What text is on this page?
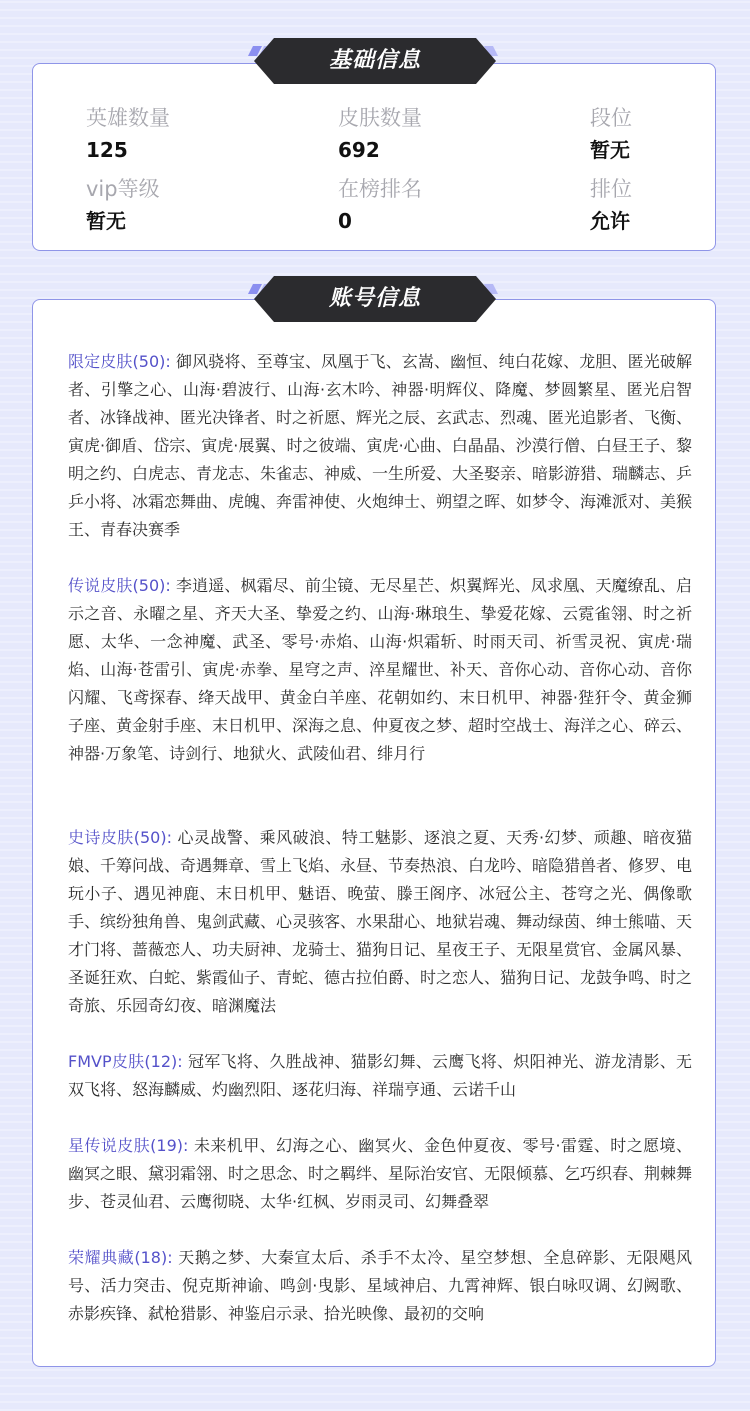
基础信息
英雄数量
125
皮肤数量
692
段位
暂无
vip等级
暂无
在榜排名
0
排位
允许
账号信息
限定皮肤(50): 御风骁将、至尊宝、凤凰于飞、玄嵩、幽恒、纯白花嫁、龙胆、匿光破解者、引擎之心、山海·碧波行、山海·玄木吟、神器·明辉仪、降魔、梦圆繁星、匿光启智者、冰锋战神、匿光决锋者、时之祈愿、辉光之辰、玄武志、烈魂、匿光追影者、飞衡、寅虎·御盾、岱宗、寅虎·展翼、时之彼端、寅虎·心曲、白晶晶、沙漠行僧、白昼王子、黎明之约、白虎志、青龙志、朱雀志、神威、一生所爱、大圣娶亲、暗影游猎、瑞麟志、乒乒小将、冰霜恋舞曲、虎魄、奔雷神使、火炮绅士、朔望之晖、如梦令、海滩派对、美猴王、青春决赛季
传说皮肤(50): 李逍遥、枫霜尽、前尘镜、无尽星芒、炽翼辉光、凤求凰、天魔缭乱、启示之音、永曜之星、齐天大圣、挚爱之约、山海·琳琅生、挚爱花嫁、云霓雀翎、时之祈愿、太华、一念神魔、武圣、零号·赤焰、山海·炽霜斩、时雨天司、祈雪灵祝、寅虎·瑞焰、山海·苍雷引、寅虎·赤拳、星穹之声、淬星耀世、补天、音你心动、音你心动、音你闪耀、飞鸢探春、绛天战甲、黄金白羊座、花朝如约、末日机甲、神器·狴犴令、黄金狮子座、黄金射手座、末日机甲、深海之息、仲夏夜之梦、超时空战士、海洋之心、碎云、神器·万象笔、诗剑行、地狱火、武陵仙君、绯月行
史诗皮肤(50): 心灵战警、乘风破浪、特工魅影、逐浪之夏、天秀·幻梦、顽趣、暗夜猫娘、千筹问战、奇遇舞章、雪上飞焰、永昼、节奏热浪、白龙吟、暗隐猎兽者、修罗、电玩小子、遇见神鹿、末日机甲、魅语、晚萤、滕王阁序、冰冠公主、苍穹之光、偶像歌手、缤纷独角兽、鬼剑武藏、心灵骇客、水果甜心、地狱岩魂、舞动绿茵、绅士熊喵、天才门将、蔷薇恋人、功夫厨神、龙骑士、猫狗日记、星夜王子、无限星赏官、金属风暴、圣诞狂欢、白蛇、紫霞仙子、青蛇、德古拉伯爵、时之恋人、猫狗日记、龙鼓争鸣、时之奇旅、乐园奇幻夜、暗渊魔法
FMVP皮肤(12): 冠军飞将、久胜战神、猫影幻舞、云鹰飞将、炽阳神光、游龙清影、无双飞将、怒海麟威、灼幽烈阳、逐花归海、祥瑞亨通、云诺千山
星传说皮肤(19): 未来机甲、幻海之心、幽冥火、金色仲夏夜、零号·雷霆、时之愿境、幽冥之眼、黛羽霜翎、时之思念、时之羁绊、星际治安官、无限倾慕、乞巧织春、荆棘舞步、苍灵仙君、云鹰彻晓、太华·红枫、岁雨灵司、幻舞叠翠
荣耀典藏(18): 天鹅之梦、大秦宣太后、杀手不太冷、星空梦想、全息碎影、无限飓风号、活力突击、倪克斯神谕、鸣剑·曳影、星域神启、九霄神辉、银白咏叹调、幻阙歌、赤影疾锋、弑枪猎影、神鉴启示录、拾光映像、最初的交响
